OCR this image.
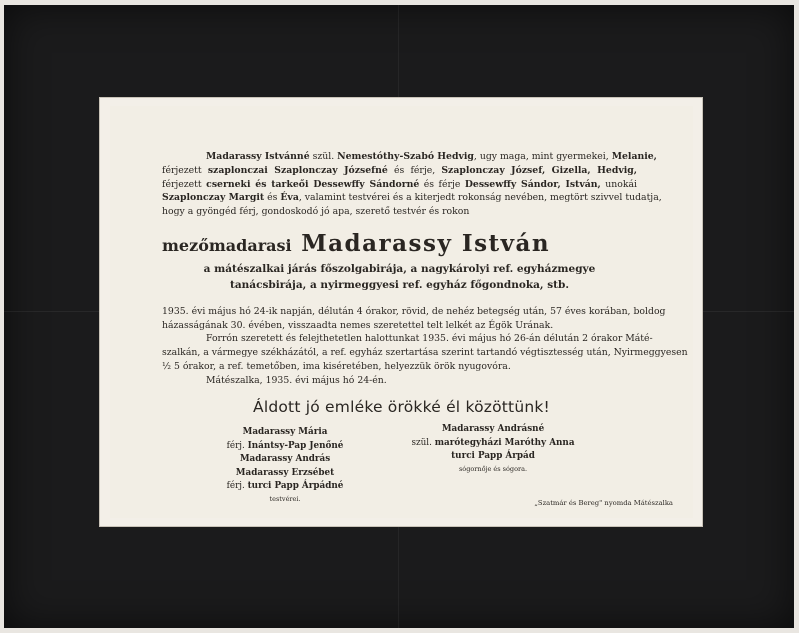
Madarassy Istvánné szül. Nemestóthy-Szabó Hedvig, ugy maga, mint gyermekei, Melanie,
férjezett szaplonczai Szaplonczay Józsefné és férje, Szaplonczay József, Gizella, Hedvig,
férjezett cserneki és tarkeői Dessewffy Sándorné és férje Dessewffy Sándor, István, unokái
Szaplonczay Margit és Éva, valamint testvérei és a kiterjedt rokonság nevében, megtört szivvel tudatja,
hogy a gyöngéd férj, gondoskodó jó apa, szerető testvér és rokon
mezőmadarasi Madarassy István
a mátészalkai járás főszolgabirája, a nagykárolyi ref. egyházmegye
tanácsbirája, a nyirmeggyesi ref. egyház főgondnoka, stb.
1935. évi május hó 24-ik napján, délután 4 órakor, rövid, de nehéz betegség után, 57 éves korában, boldog
házasságának 30. évében, visszaadta nemes szeretettel telt lelkét az Égök Urának.
Forrón szeretett és felejthetetlen halottunkat 1935. évi május hó 26-án délután 2 órakor Máté-
szalkán, a vármegye székházától, a ref. egyház szertartása szerint tartandó végtisztesség után, Nyirmeggyesen
½ 5 órakor, a ref. temetőben, ima kiséretében, helyezzük örök nyugovóra.
Mátészalka, 1935. évi május hó 24-én.
Áldott jó emléke örökké él közöttünk!
Madarassy Mária
férj. Inántsy-Pap Jenőné
Madarassy András
Madarassy Erzsébet
férj. turci Papp Árpádné
testvérei.
Madarassy Andrásné
szül. marótegyházi Maróthy Anna
turci Papp Árpád
sógornője és sógora.
„Szatmár és Bereg" nyomda Mátészalka
